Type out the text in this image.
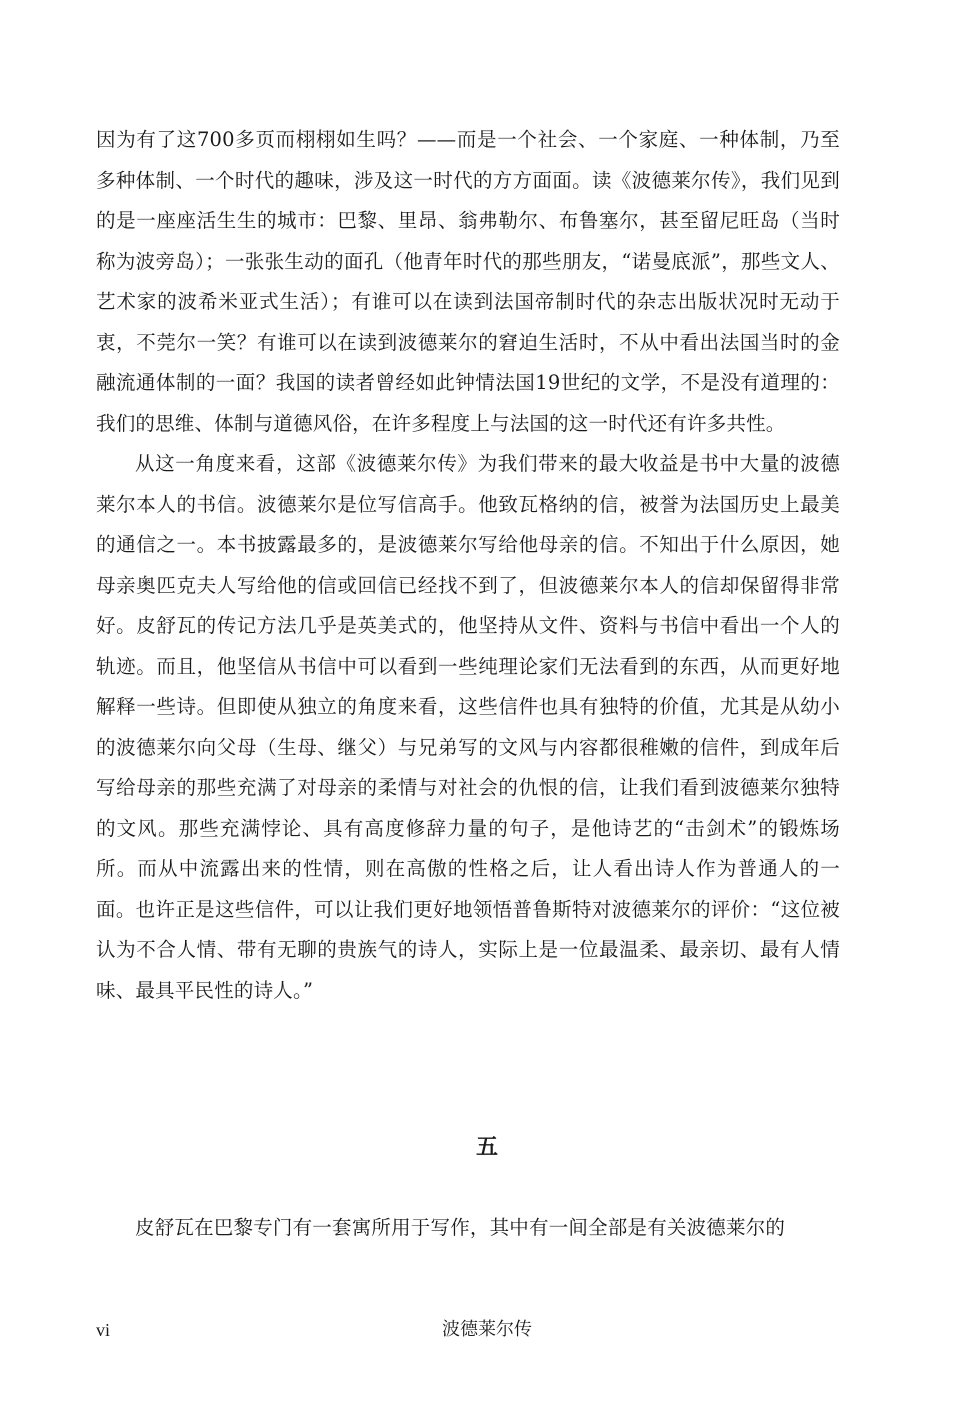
因为有了这700多页而栩栩如生吗？——而是一个社会、一个家庭、一种体制，乃至多种体制、一个时代的趣味，涉及这一时代的方方面面。读《波德莱尔传》，我们见到的是一座座活生生的城市：巴黎、里昂、翁弗勒尔、布鲁塞尔，甚至留尼旺岛（当时称为波旁岛）；一张张生动的面孔（他青年时代的那些朋友，“诺曼底派”，那些文人、艺术家的波希米亚式生活）；有谁可以在读到法国帝制时代的杂志出版状况时无动于衷，不莞尔一笑？有谁可以在读到波德莱尔的窘迫生活时，不从中看出法国当时的金融流通体制的一面？我国的读者曾经如此钟情法国19世纪的文学，不是没有道理的：我们的思维、体制与道德风俗，在许多程度上与法国的这一时代还有许多共性。

从这一角度来看，这部《波德莱尔传》为我们带来的最大收益是书中大量的波德莱尔本人的书信。波德莱尔是位写信高手。他致瓦格纳的信，被誉为法国历史上最美的通信之一。本书披露最多的，是波德莱尔写给他母亲的信。不知出于什么原因，她母亲奥匹克夫人写给他的信或回信已经找不到了，但波德莱尔本人的信却保留得非常好。皮舒瓦的传记方法几乎是英美式的，他坚持从文件、资料与书信中看出一个人的轨迹。而且，他坚信从书信中可以看到一些纯理论家们无法看到的东西，从而更好地解释一些诗。但即使从独立的角度来看，这些信件也具有独特的价值，尤其是从幼小的波德莱尔向父母（生母、继父）与兄弟写的文风与内容都很稚嫩的信件，到成年后写给母亲的那些充满了对母亲的柔情与对社会的仇恨的信，让我们看到波德莱尔独特的文风。那些充满悖论、具有高度修辞力量的句子，是他诗艺的“击剑术”的锻炼场所。而从中流露出来的性情，则在高傲的性格之后，让人看出诗人作为普通人的一面。也许正是这些信件，可以让我们更好地领悟普鲁斯特对波德莱尔的评价：“这位被认为不合人情、带有无聊的贵族气的诗人，实际上是一位最温柔、最亲切、最有人情味、最具平民性的诗人。”

五

皮舒瓦在巴黎专门有一套寓所用于写作，其中有一间全部是有关波德莱尔的

vi	波德莱尔传
